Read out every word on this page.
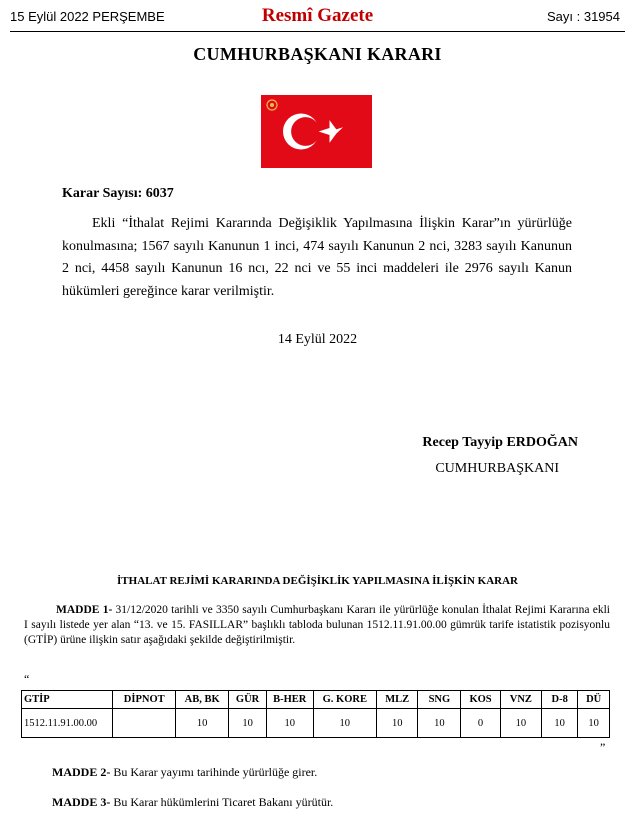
15 Eylül 2022 PERŞEMBE	Resmî Gazete	Sayı : 31954
CUMHURBAŞKANI KARARI
Karar Sayısı: 6037
Ekli “İthalat Rejimi Kararında Değişiklik Yapılmasına İlişkin Karar”ın yürürlüğe konulmasına; 1567 sayılı Kanunun 1 inci, 474 sayılı Kanunun 2 nci, 3283 sayılı Kanunun 2 nci, 4458 sayılı Kanunun 16 ncı, 22 nci ve 55 inci maddeleri ile 2976 sayılı Kanun hükümleri gereğince karar verilmiştir.
14 Eylül 2022
Recep Tayyip ERDOĞAN
CUMHURBAŞKANI
İTHALAT REJİMİ KARARINDA DEĞİŞİKLİK YAPILMASINA İLİŞKİN KARAR
MADDE 1- 31/12/2020 tarihli ve 3350 sayılı Cumhurbaşkanı Kararı ile yürürlüğe konulan İthalat Rejimi Kararına ekli I sayılı listede yer alan “13. ve 15. FASILLAR” başlıklı tabloda bulunan 1512.11.91.00.00 gümrük tarife istatistik pozisyonlu (GTİP) ürüne ilişkin satır aşağıdaki şekilde değiştirilmiştir.
“
GTİP	DİPNOT	AB, BK	GÜR	B-HER	G. KORE	MLZ	SNG	KOS	VNZ	D-8	DÜ
1512.11.91.00.00		10	10	10	10	10	10	0	10	10	10
”
MADDE 2- Bu Karar yayımı tarihinde yürürlüğe girer.
MADDE 3- Bu Karar hükümlerini Ticaret Bakanı yürütür.
